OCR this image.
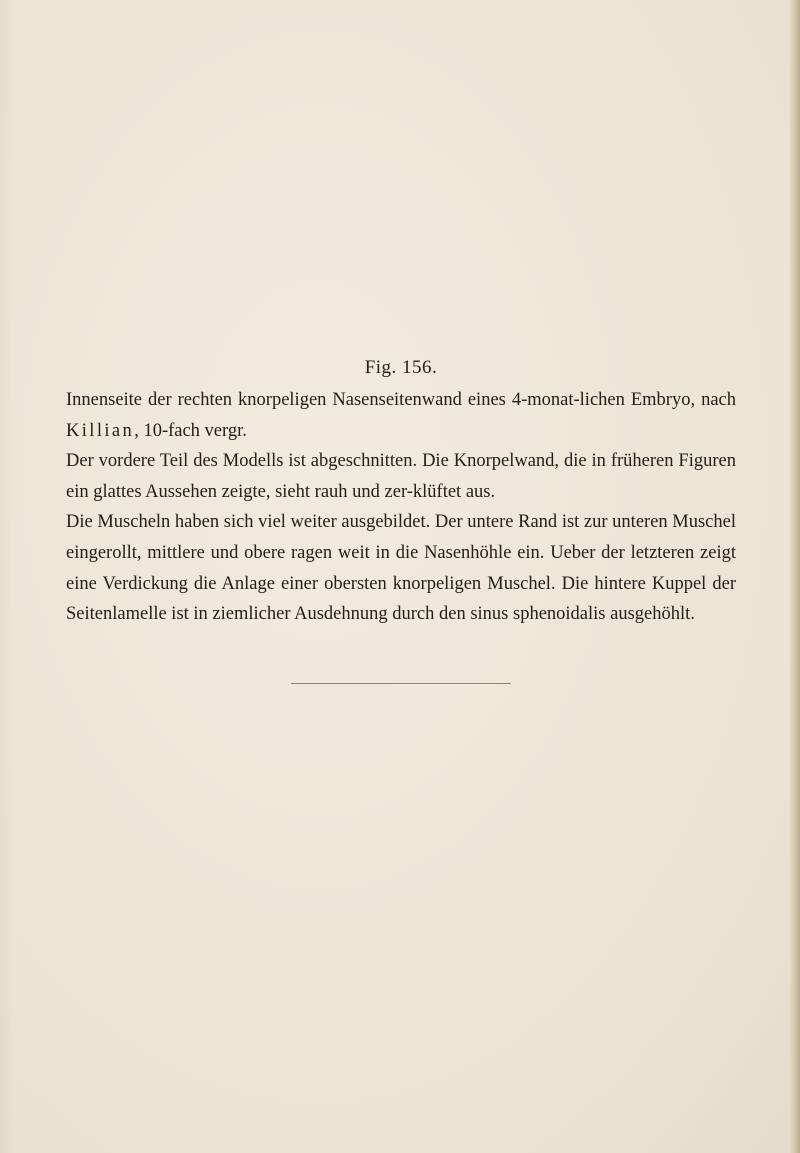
Fig. 156.

Innenseite der rechten knorpeligen Nasenseitenwand eines 4-monat-lichen Embryo, nach Killian, 10-fach vergr.

Der vordere Teil des Modells ist abgeschnitten. Die Knorpelwand, die in früheren Figuren ein glattes Aussehen zeigte, sieht rauh und zer-klüftet aus.

Die Muscheln haben sich viel weiter ausgebildet. Der untere Rand ist zur unteren Muschel eingerollt, mittlere und obere ragen weit in die Nasenhöhle ein. Ueber der letzteren zeigt eine Verdickung die Anlage einer obersten knorpeligen Muschel. Die hintere Kuppel der Seitenlamelle ist in ziemlicher Ausdehnung durch den sinus sphenoidalis ausgehöhlt.
